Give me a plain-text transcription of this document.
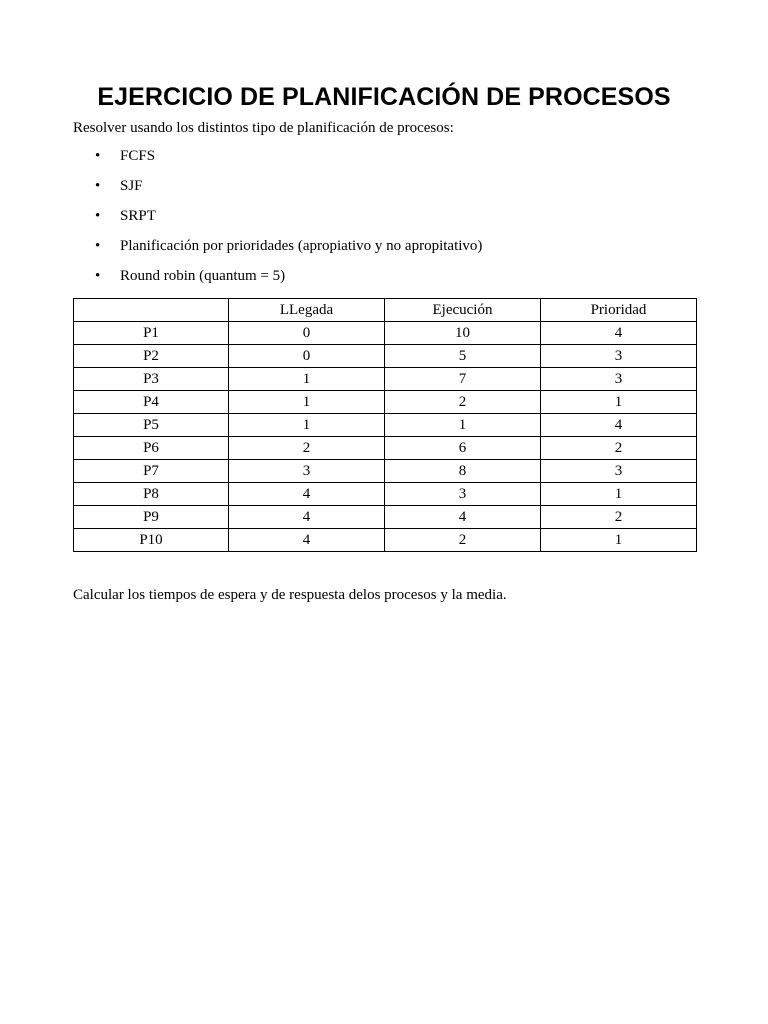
EJERCICIO DE PLANIFICACIÓN DE PROCESOS

Resolver usando los distintos tipo de planificación de procesos:

• FCFS
• SJF
• SRPT
• Planificación por prioridades (apropiativo y no apropitativo)
• Round robin (quantum = 5)
	LLegada	Ejecución	Prioridad
P1	0	10	4
P2	0	5	3
P3	1	7	3
P4	1	2	1
P5	1	1	4
P6	2	6	2
P7	3	8	3
P8	4	3	1
P9	4	4	2
P10	4	2	1

Calcular los tiempos de espera y de respuesta delos procesos y la media.
